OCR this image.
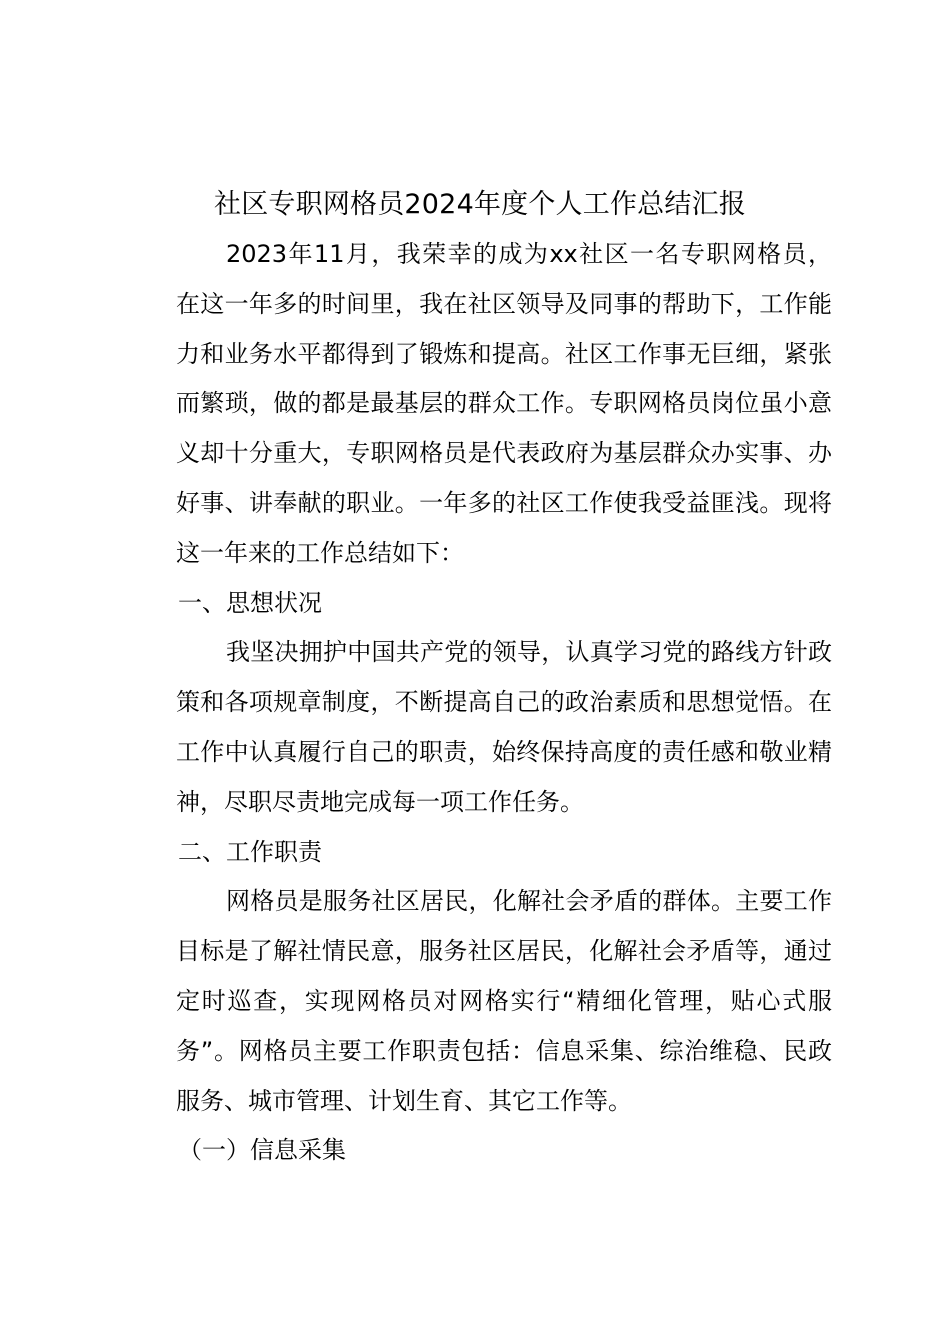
社区专职网格员2024年度个人工作总结汇报
2023年11月，我荣幸的成为xx社区一名专职网格员，
在这一年多的时间里，我在社区领导及同事的帮助下，工作能
力和业务水平都得到了锻炼和提高。社区工作事无巨细，紧张
而繁琐，做的都是最基层的群众工作。专职网格员岗位虽小意
义却十分重大，专职网格员是代表政府为基层群众办实事、办
好事、讲奉献的职业。一年多的社区工作使我受益匪浅。现将
这一年来的工作总结如下：
一、思想状况
我坚决拥护中国共产党的领导，认真学习党的路线方针政
策和各项规章制度，不断提高自己的政治素质和思想觉悟。在
工作中认真履行自己的职责，始终保持高度的责任感和敬业精
神，尽职尽责地完成每一项工作任务。
二、工作职责
网格员是服务社区居民，化解社会矛盾的群体。主要工作
目标是了解社情民意，服务社区居民，化解社会矛盾等，通过
定时巡查，实现网格员对网格实行“精细化管理，贴心式服
务”。网格员主要工作职责包括：信息采集、综治维稳、民政
服务、城市管理、计划生育、其它工作等。
（一）信息采集
